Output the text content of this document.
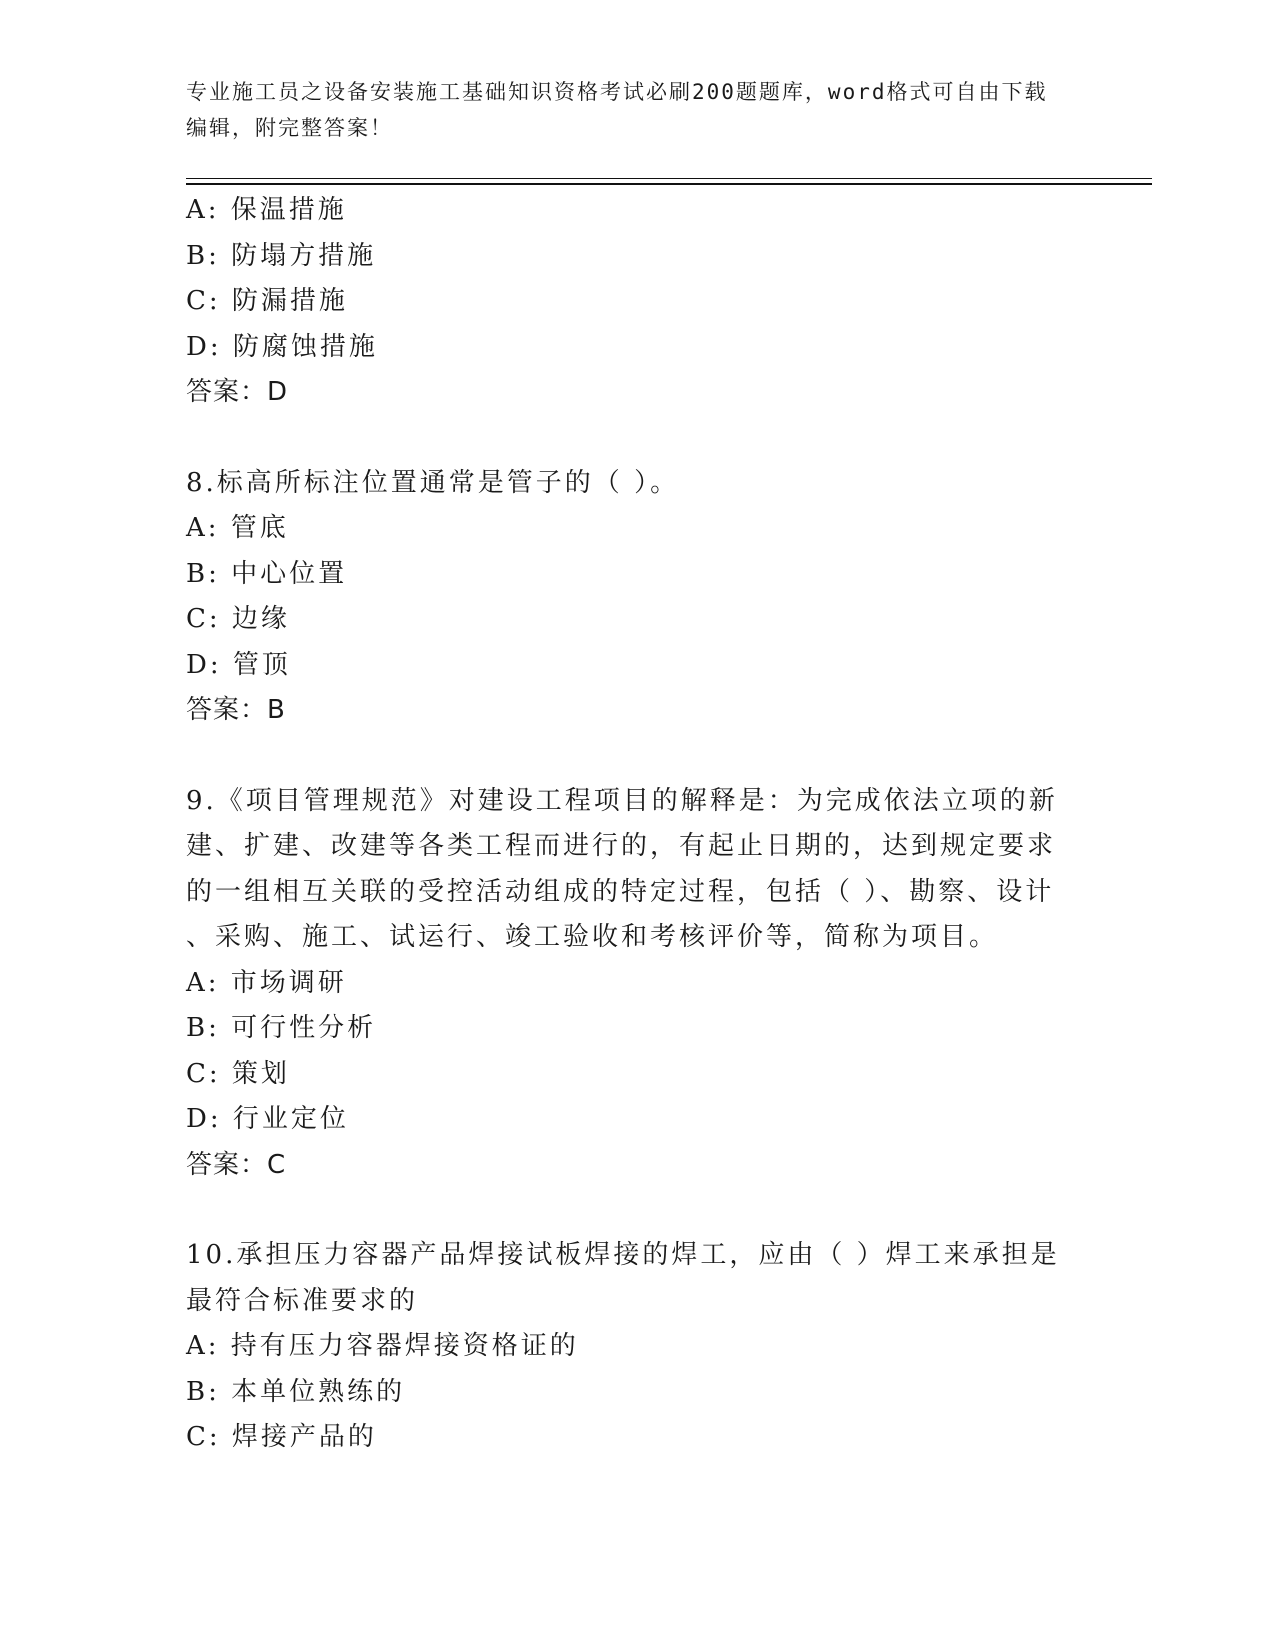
专业施工员之设备安装施工基础知识资格考试必刷200题题库，word格式可自由下载编辑，附完整答案！
A: 保温措施
B: 防塌方措施
C: 防漏措施
D: 防腐蚀措施
答案：D
8.标高所标注位置通常是管子的（ ）。
A: 管底
B: 中心位置
C: 边缘
D: 管顶
答案：B
9.《项目管理规范》对建设工程项目的解释是：为完成依法立项的新
建、扩建、改建等各类工程而进行的，有起止日期的，达到规定要求
的一组相互关联的受控活动组成的特定过程，包括（ ）、勘察、设计
、采购、施工、试运行、竣工验收和考核评价等，简称为项目。
A: 市场调研
B: 可行性分析
C: 策划
D: 行业定位
答案：C
10.承担压力容器产品焊接试板焊接的焊工，应由（ ）焊工来承担是
最符合标准要求的
A: 持有压力容器焊接资格证的
B: 本单位熟练的
C: 焊接产品的
